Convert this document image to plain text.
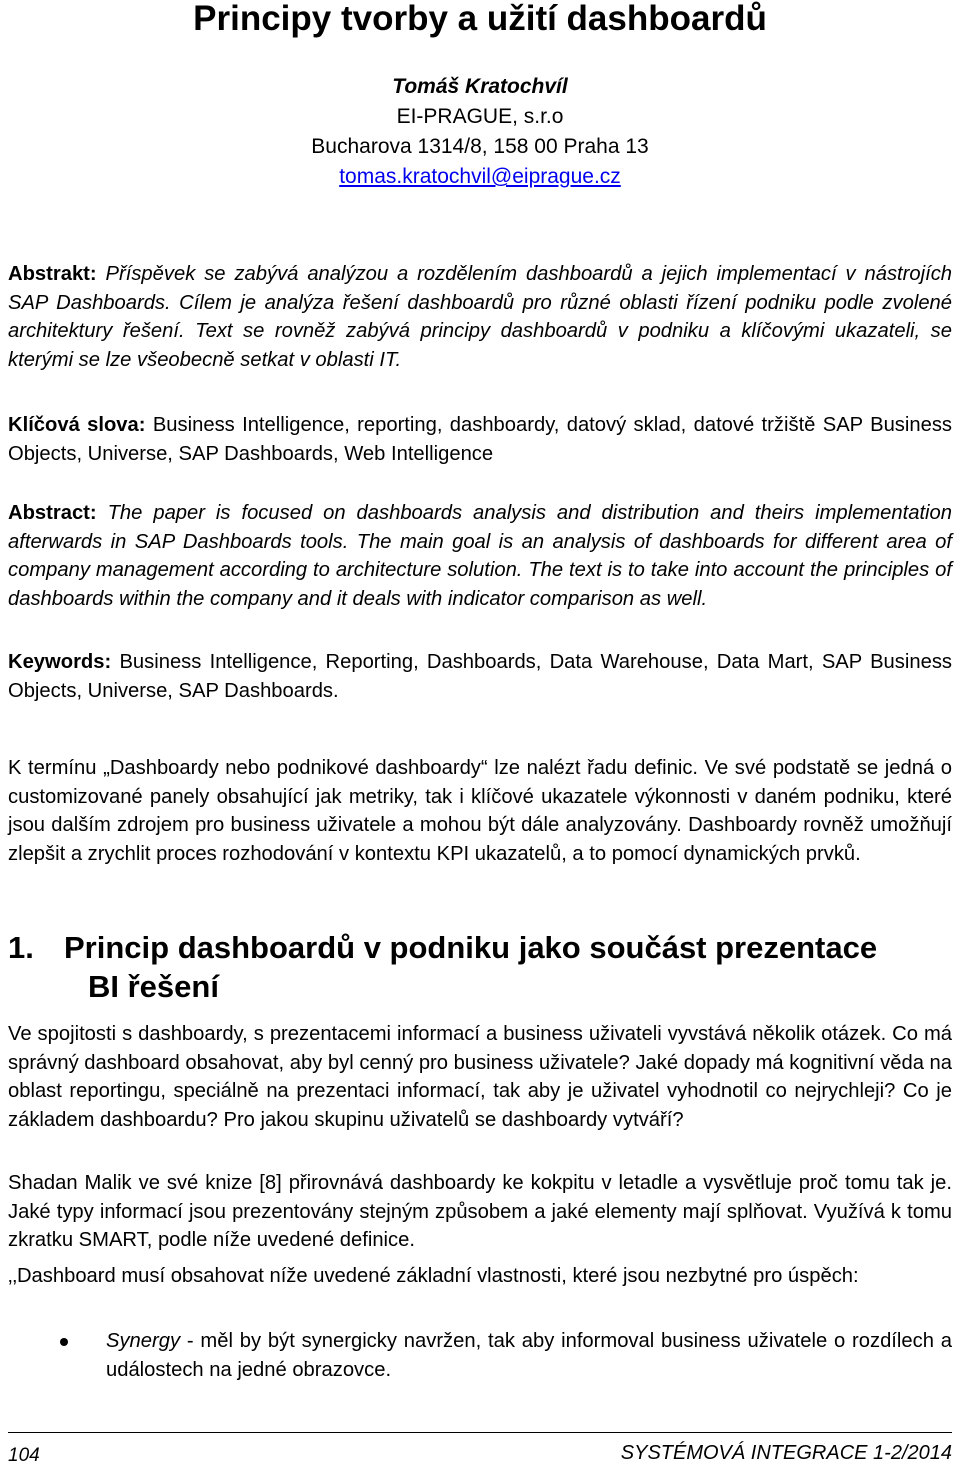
Principy tvorby a užití dashboardů
Tomáš Kratochvíl
EI-PRAGUE, s.r.o
Bucharova 1314/8, 158 00 Praha 13
tomas.kratochvil@eiprague.cz
Abstrakt: Příspěvek se zabývá analýzou a rozdělením dashboardů a jejich implementací v nástrojích SAP Dashboards. Cílem je analýza řešení dashboardů pro různé oblasti řízení podniku podle zvolené architektury řešení. Text se rovněž zabývá principy dashboardů v podniku a klíčovými ukazateli, se kterými se lze všeobecně setkat v oblasti IT.
Klíčová slova: Business Intelligence, reporting, dashboardy, datový sklad, datové tržiště SAP Business Objects, Universe, SAP Dashboards, Web Intelligence
Abstract: The paper is focused on dashboards analysis and distribution and theirs implementation afterwards in SAP Dashboards tools. The main goal is an analysis of dashboards for different area of company management according to architecture solution. The text is to take into account the principles of dashboards within the company and it deals with indicator comparison as well.
Keywords: Business Intelligence, Reporting, Dashboards, Data Warehouse, Data Mart, SAP Business Objects, Universe, SAP Dashboards.
K termínu „Dashboardy nebo podnikové dashboardy“ lze nalézt řadu definic. Ve své podstatě se jedná o customizované panely obsahující jak metriky, tak i klíčové ukazatele výkonnosti v daném podniku, které jsou dalším zdrojem pro business uživatele a mohou být dále analyzovány. Dashboardy rovněž umožňují zlepšit a zrychlit proces rozhodování v kontextu KPI ukazatelů, a to pomocí dynamických prvků.
1. Princip dashboardů v podniku jako součást prezentace
BI řešení
Ve spojitosti s dashboardy, s prezentacemi informací a business uživateli vyvstává několik otázek. Co má správný dashboard obsahovat, aby byl cenný pro business uživatele? Jaké dopady má kognitivní věda na oblast reportingu, speciálně na prezentaci informací, tak aby je uživatel vyhodnotil co nejrychleji? Co je základem dashboardu? Pro jakou skupinu uživatelů se dashboardy vytváří?
Shadan Malik ve své knize [8] přirovnává dashboardy ke kokpitu v letadle a vysvětluje proč tomu tak je. Jaké typy informací jsou prezentovány stejným způsobem a jaké elementy mají splňovat. Využívá k tomu zkratku SMART, podle níže uvedené definice.
‚‚Dashboard musí obsahovat níže uvedené základní vlastnosti, které jsou nezbytné pro úspěch:
Synergy - měl by být synergicky navržen, tak aby informoval business uživatele o rozdílech a událostech na jedné obrazovce.
104	SYSTÉMOVÁ INTEGRACE 1-2/2014
